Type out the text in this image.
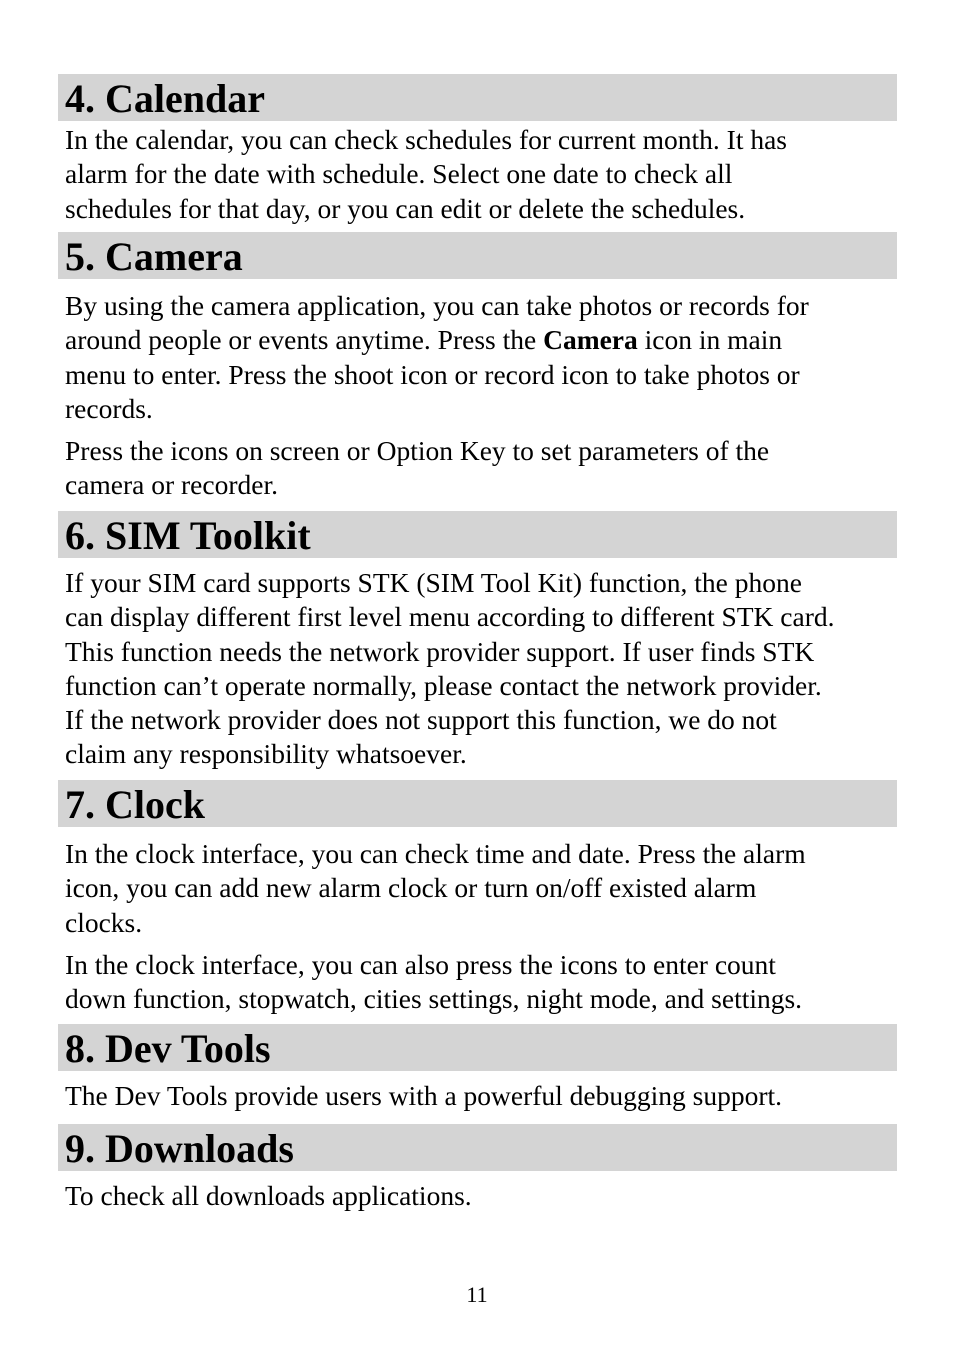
4. Calendar

In the calendar, you can check schedules for current month. It has
alarm for the date with schedule. Select one date to check all
schedules for that day, or you can edit or delete the schedules.

5. Camera

By using the camera application, you can take photos or records for
around people or events anytime. Press the Camera icon in main
menu to enter. Press the shoot icon or record icon to take photos or
records.

Press the icons on screen or Option Key to set parameters of the
camera or recorder.

6. SIM Toolkit

If your SIM card supports STK (SIM Tool Kit) function, the phone
can display different first level menu according to different STK card.
This function needs the network provider support. If user finds STK
function can’t operate normally, please contact the network provider.
If the network provider does not support this function, we do not
claim any responsibility whatsoever.

7. Clock

In the clock interface, you can check time and date. Press the alarm
icon, you can add new alarm clock or turn on/off existed alarm
clocks.

In the clock interface, you can also press the icons to enter count
down function, stopwatch, cities settings, night mode, and settings.

8. Dev Tools

The Dev Tools provide users with a powerful debugging support.

9. Downloads

To check all downloads applications.

11
